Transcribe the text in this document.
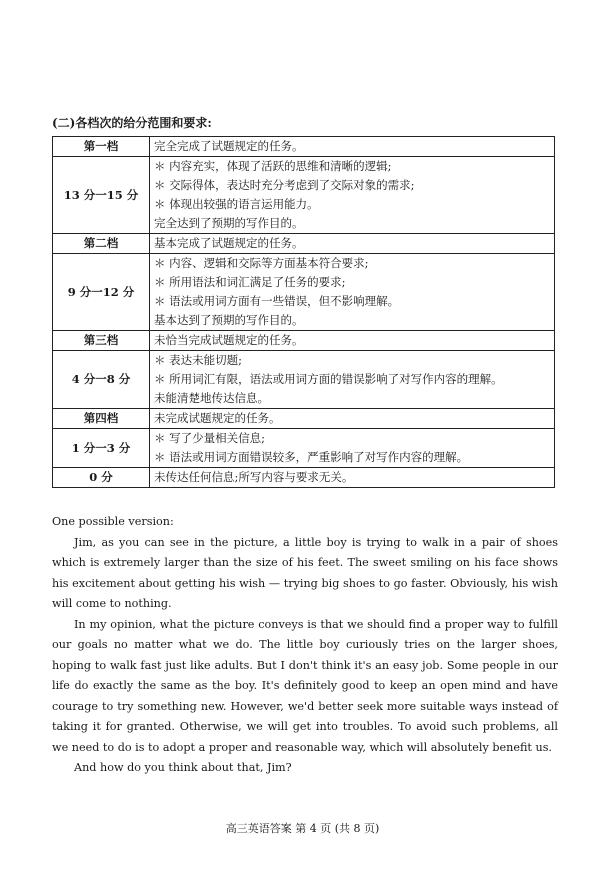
(二)各档次的给分范围和要求:
第一档	完全完成了试题规定的任务。
13 分一15 分	＊ 内容充实，体现了活跃的思维和清晰的逻辑;
＊ 交际得体，表达时充分考虑到了交际对象的需求;
＊ 体现出较强的语言运用能力。
完全达到了预期的写作目的。

第二档	基本完成了试题规定的任务。
9 分一12 分	＊ 内容、逻辑和交际等方面基本符合要求;
＊ 所用语法和词汇满足了任务的要求;
＊ 语法或用词方面有一些错误，但不影响理解。
基本达到了预期的写作目的。

第三档	未恰当完成试题规定的任务。
4 分一8 分	＊ 表达未能切题;
＊ 所用词汇有限，语法或用词方面的错误影响了对写作内容的理解。
未能清楚地传达信息。

第四档	未完成试题规定的任务。
1 分一3 分	＊ 写了少量相关信息;
＊ 语法或用词方面错误较多，严重影响了对写作内容的理解。

0 分	未传达任何信息;所写内容与要求无关。

One possible version:

Jim, as you can see in the picture, a little boy is trying to walk in a pair of shoes which is extremely larger than the size of his feet. The sweet smiling on his face shows his excitement about getting his wish — trying big shoes to go faster. Obviously, his wish will come to nothing.

In my opinion, what the picture conveys is that we should find a proper way to fulfill our goals no matter what we do. The little boy curiously tries on the larger shoes, hoping to walk fast just like adults. But I don't think it's an easy job. Some people in our life do exactly the same as the boy. It's definitely good to keep an open mind and have courage to try something new. However, we'd better seek more suitable ways instead of taking it for granted. Otherwise, we will get into troubles. To avoid such problems, all we need to do is to adopt a proper and reasonable way, which will absolutely benefit us.

And how do you think about that, Jim?

高三英语答案 第 4 页 (共 8 页)
